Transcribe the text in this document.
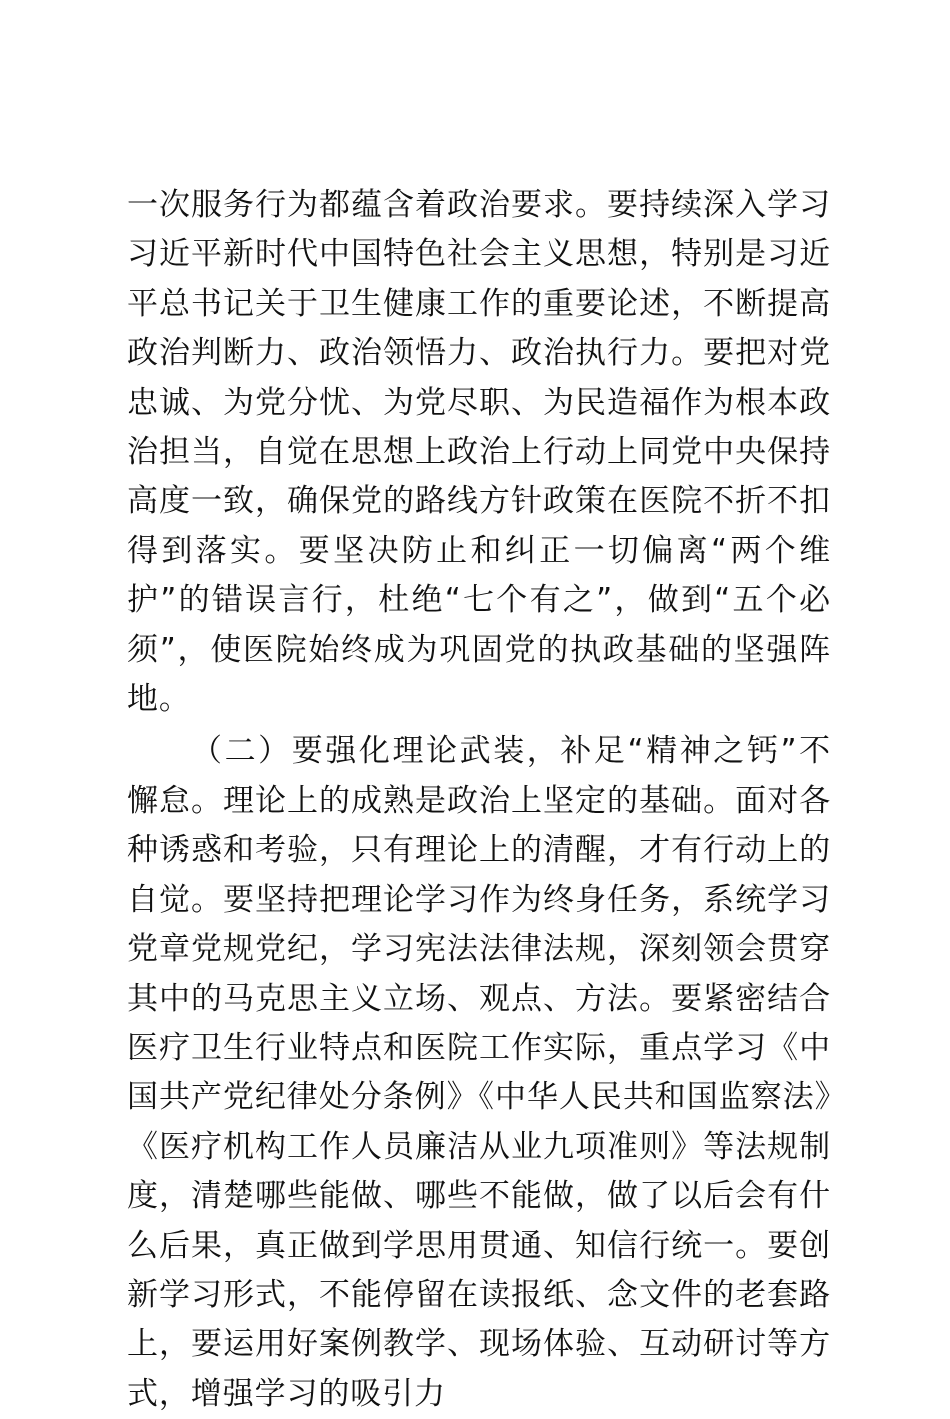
一次服务行为都蕴含着政治要求。要持续深入学习习近平新时代中国特色社会主义思想，特别是习近平总书记关于卫生健康工作的重要论述，不断提高政治判断力、政治领悟力、政治执行力。要把对党忠诚、为党分忧、为党尽职、为民造福作为根本政治担当，自觉在思想上政治上行动上同党中央保持高度一致，确保党的路线方针政策在医院不折不扣得到落实。要坚决防止和纠正一切偏离“两个维护”的错误言行，杜绝“七个有之”，做到“五个必须”，使医院始终成为巩固党的执政基础的坚强阵地。

（二）要强化理论武装，补足“精神之钙”不懈怠。理论上的成熟是政治上坚定的基础。面对各种诱惑和考验，只有理论上的清醒，才有行动上的自觉。要坚持把理论学习作为终身任务，系统学习党章党规党纪，学习宪法法律法规，深刻领会贯穿其中的马克思主义立场、观点、方法。要紧密结合医疗卫生行业特点和医院工作实际，重点学习《中国共产党纪律处分条例》《中华人民共和国监察法》《医疗机构工作人员廉洁从业九项准则》等法规制度，清楚哪些能做、哪些不能做，做了以后会有什么后果，真正做到学思用贯通、知信行统一。要创新学习形式，不能停留在读报纸、念文件的老套路上，要运用好案例教学、现场体验、互动研讨等方式，增强学习的吸引力
